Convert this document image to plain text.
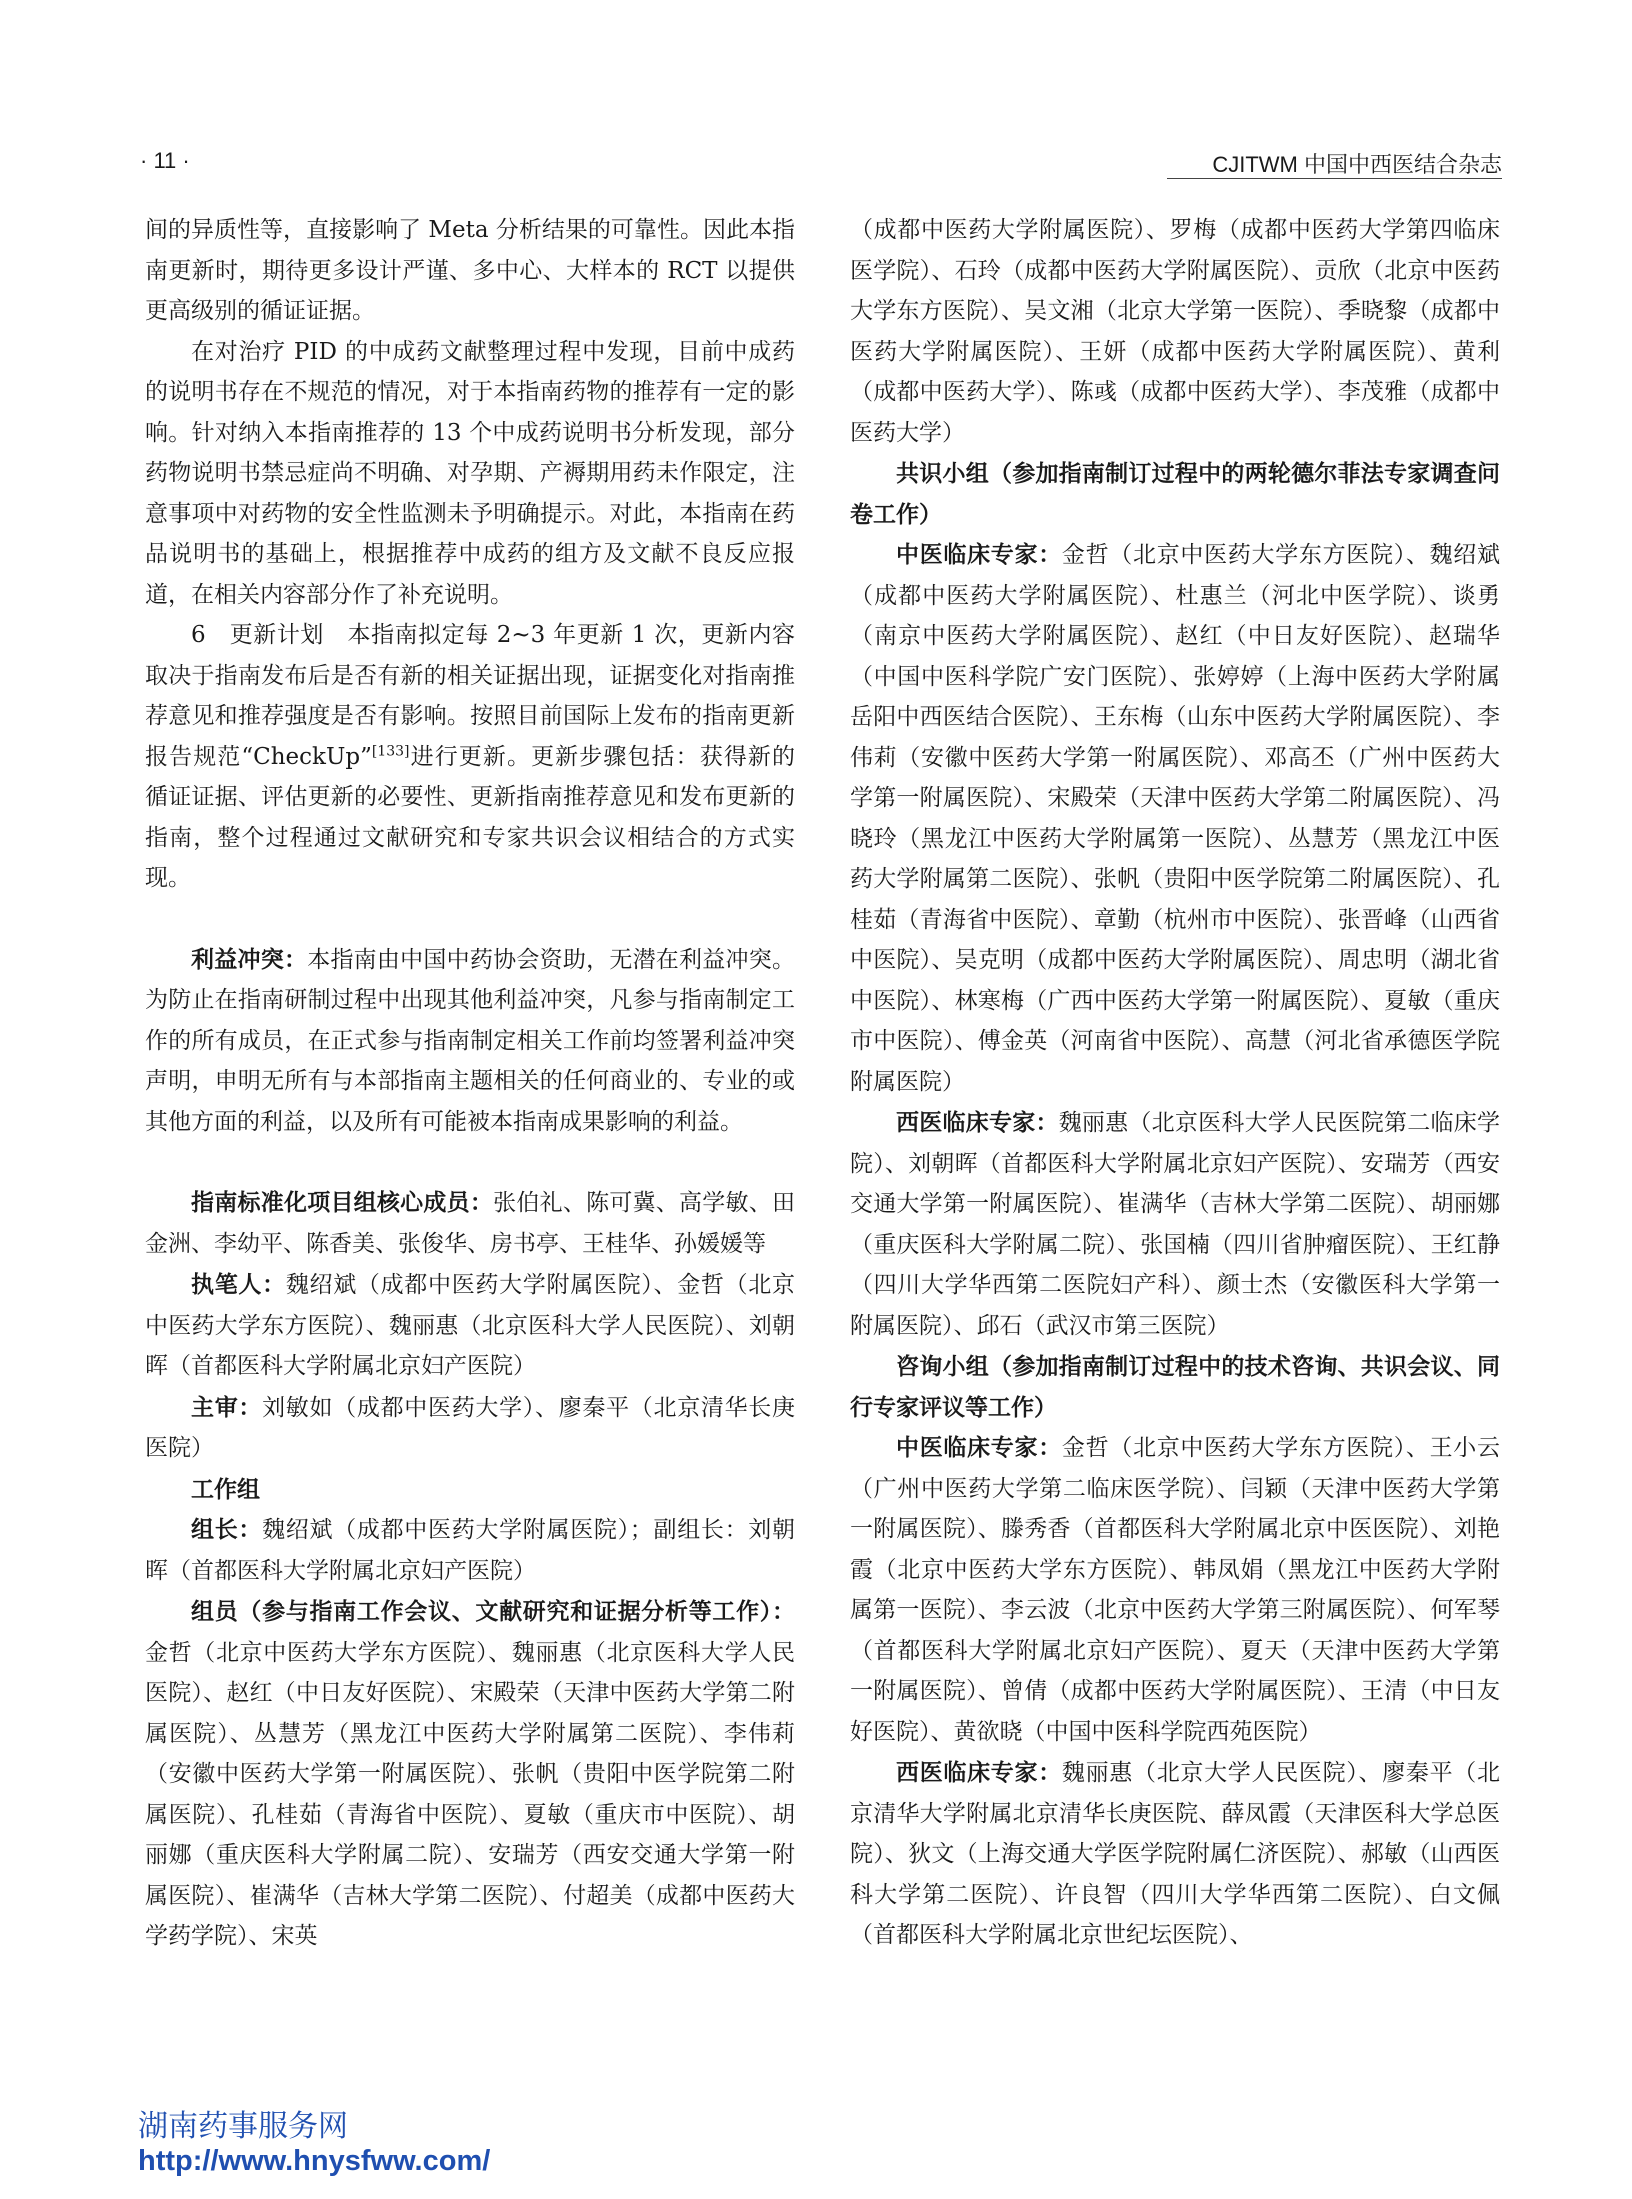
· 11 ·	CJITWM 中国中西医结合杂志

间的异质性等，直接影响了 Meta 分析结果的可靠性。因此本指南更新时，期待更多设计严谨、多中心、大样本的 RCT 以提供更高级别的循证证据。

在对治疗 PID 的中成药文献整理过程中发现，目前中成药的说明书存在不规范的情况，对于本指南药物的推荐有一定的影响。针对纳入本指南推荐的 13 个中成药说明书分析发现，部分药物说明书禁忌症尚不明确、对孕期、产褥期用药未作限定，注意事项中对药物的安全性监测未予明确提示。对此，本指南在药品说明书的基础上，根据推荐中成药的组方及文献不良反应报道，在相关内容部分作了补充说明。

6　更新计划　本指南拟定每 2~3 年更新 1 次，更新内容取决于指南发布后是否有新的相关证据出现，证据变化对指南推荐意见和推荐强度是否有影响。按照目前国际上发布的指南更新报告规范“CheckUp”[133]进行更新。更新步骤包括：获得新的循证证据、评估更新的必要性、更新指南推荐意见和发布更新的指南，整个过程通过文献研究和专家共识会议相结合的方式实现。

利益冲突：本指南由中国中药协会资助，无潜在利益冲突。为防止在指南研制过程中出现其他利益冲突，凡参与指南制定工作的所有成员，在正式参与指南制定相关工作前均签署利益冲突声明，申明无所有与本部指南主题相关的任何商业的、专业的或其他方面的利益，以及所有可能被本指南成果影响的利益。

指南标准化项目组核心成员：张伯礼、陈可冀、高学敏、田金洲、李幼平、陈香美、张俊华、房书亭、王桂华、孙媛媛等

执笔人：魏绍斌（成都中医药大学附属医院）、金哲（北京中医药大学东方医院）、魏丽惠（北京医科大学人民医院）、刘朝晖（首都医科大学附属北京妇产医院）

主审：刘敏如（成都中医药大学）、廖秦平（北京清华长庚医院）

工作组

组长：魏绍斌（成都中医药大学附属医院）；副组长：刘朝晖（首都医科大学附属北京妇产医院）

组员（参与指南工作会议、文献研究和证据分析等工作）：金哲（北京中医药大学东方医院）、魏丽惠（北京医科大学人民医院）、赵红（中日友好医院）、宋殿荣（天津中医药大学第二附属医院）、丛慧芳（黑龙江中医药大学附属第二医院）、李伟莉（安徽中医药大学第一附属医院）、张帆（贵阳中医学院第二附属医院）、孔桂茹（青海省中医院）、夏敏（重庆市中医院）、胡丽娜（重庆医科大学附属二院）、安瑞芳（西安交通大学第一附属医院）、崔满华（吉林大学第二医院）、付超美（成都中医药大学药学院）、宋英

（成都中医药大学附属医院）、罗梅（成都中医药大学第四临床医学院）、石玲（成都中医药大学附属医院）、贡欣（北京中医药大学东方医院）、吴文湘（北京大学第一医院）、季晓黎（成都中医药大学附属医院）、王妍（成都中医药大学附属医院）、黄利（成都中医药大学）、陈彧（成都中医药大学）、李茂雅（成都中医药大学）

共识小组（参加指南制订过程中的两轮德尔菲法专家调查问卷工作）

中医临床专家：金哲（北京中医药大学东方医院）、魏绍斌（成都中医药大学附属医院）、杜惠兰（河北中医学院）、谈勇（南京中医药大学附属医院）、赵红（中日友好医院）、赵瑞华（中国中医科学院广安门医院）、张婷婷（上海中医药大学附属岳阳中西医结合医院）、王东梅（山东中医药大学附属医院）、李伟莉（安徽中医药大学第一附属医院）、邓高丕（广州中医药大学第一附属医院）、宋殿荣（天津中医药大学第二附属医院）、冯晓玲（黑龙江中医药大学附属第一医院）、丛慧芳（黑龙江中医药大学附属第二医院）、张帆（贵阳中医学院第二附属医院）、孔桂茹（青海省中医院）、章勤（杭州市中医院）、张晋峰（山西省中医院）、吴克明（成都中医药大学附属医院）、周忠明（湖北省中医院）、林寒梅（广西中医药大学第一附属医院）、夏敏（重庆市中医院）、傅金英（河南省中医院）、高慧（河北省承德医学院附属医院）

西医临床专家：魏丽惠（北京医科大学人民医院第二临床学院）、刘朝晖（首都医科大学附属北京妇产医院）、安瑞芳（西安交通大学第一附属医院）、崔满华（吉林大学第二医院）、胡丽娜（重庆医科大学附属二院）、张国楠（四川省肿瘤医院）、王红静（四川大学华西第二医院妇产科）、颜士杰（安徽医科大学第一附属医院）、邱石（武汉市第三医院）

咨询小组（参加指南制订过程中的技术咨询、共识会议、同行专家评议等工作）

中医临床专家：金哲（北京中医药大学东方医院）、王小云（广州中医药大学第二临床医学院）、闫颖（天津中医药大学第一附属医院）、滕秀香（首都医科大学附属北京中医医院）、刘艳霞（北京中医药大学东方医院）、韩凤娟（黑龙江中医药大学附属第一医院）、李云波（北京中医药大学第三附属医院）、何军琴（首都医科大学附属北京妇产医院）、夏天（天津中医药大学第一附属医院）、曾倩（成都中医药大学附属医院）、王清（中日友好医院）、黄欲晓（中国中医科学院西苑医院）

西医临床专家：魏丽惠（北京大学人民医院）、廖秦平（北京清华大学附属北京清华长庚医院、薛凤霞（天津医科大学总医院）、狄文（上海交通大学医学院附属仁济医院）、郝敏（山西医科大学第二医院）、许良智（四川大学华西第二医院）、白文佩（首都医科大学附属北京世纪坛医院）、

湖南药事服务网
http://www.hnysfww.com/
